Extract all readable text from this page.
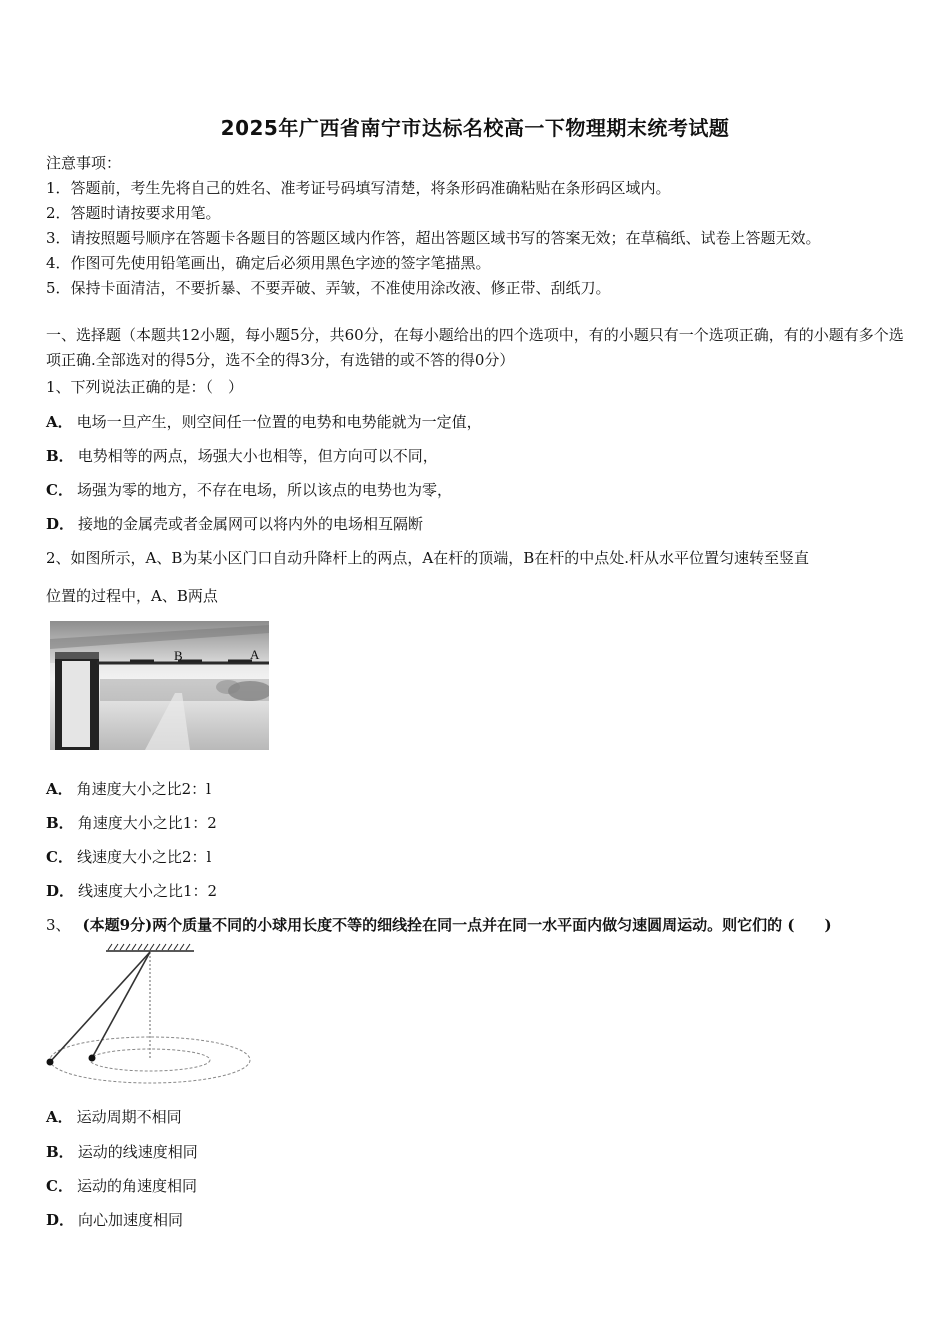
2025年广西省南宁市达标名校高一下物理期末统考试题
注意事项：
1．答题前，考生先将自己的姓名、准考证号码填写清楚，将条形码准确粘贴在条形码区域内。
2．答题时请按要求用笔。
3．请按照题号顺序在答题卡各题目的答题区域内作答，超出答题区域书写的答案无效；在草稿纸、试卷上答题无效。
4．作图可先使用铅笔画出，确定后必须用黑色字迹的签字笔描黑。
5．保持卡面清洁，不要折暴、不要弄破、弄皱，不准使用涂改液、修正带、刮纸刀。
一、选择题（本题共12小题，每小题5分，共60分，在每小题给出的四个选项中，有的小题只有一个选项正确，有的小题有多个选项正确.全部选对的得5分，选不全的得3分，有选错的或不答的得0分）
1、下列说法正确的是：（　）
A． 电场一旦产生，则空间任一位置的电势和电势能就为一定值，
B． 电势相等的两点，场强大小也相等，但方向可以不同，
C． 场强为零的地方，不存在电场，所以该点的电势也为零，
D． 接地的金属壳或者金属网可以将内外的电场相互隔断
2、如图所示，A、B为某小区门口自动升降杆上的两点，A在杆的顶端，B在杆的中点处.杆从水平位置匀速转至竖直
位置的过程中，A、B两点
B	A
A． 角速度大小之比2：l
B． 角速度大小之比1：2
C． 线速度大小之比2：l
D． 线速度大小之比1：2
3、 (本题9分)两个质量不同的小球用长度不等的细线拴在同一点并在同一水平面内做匀速圆周运动。则它们的 (　　)
A． 运动周期不相同
B． 运动的线速度相同
C． 运动的角速度相同
D． 向心加速度相同
